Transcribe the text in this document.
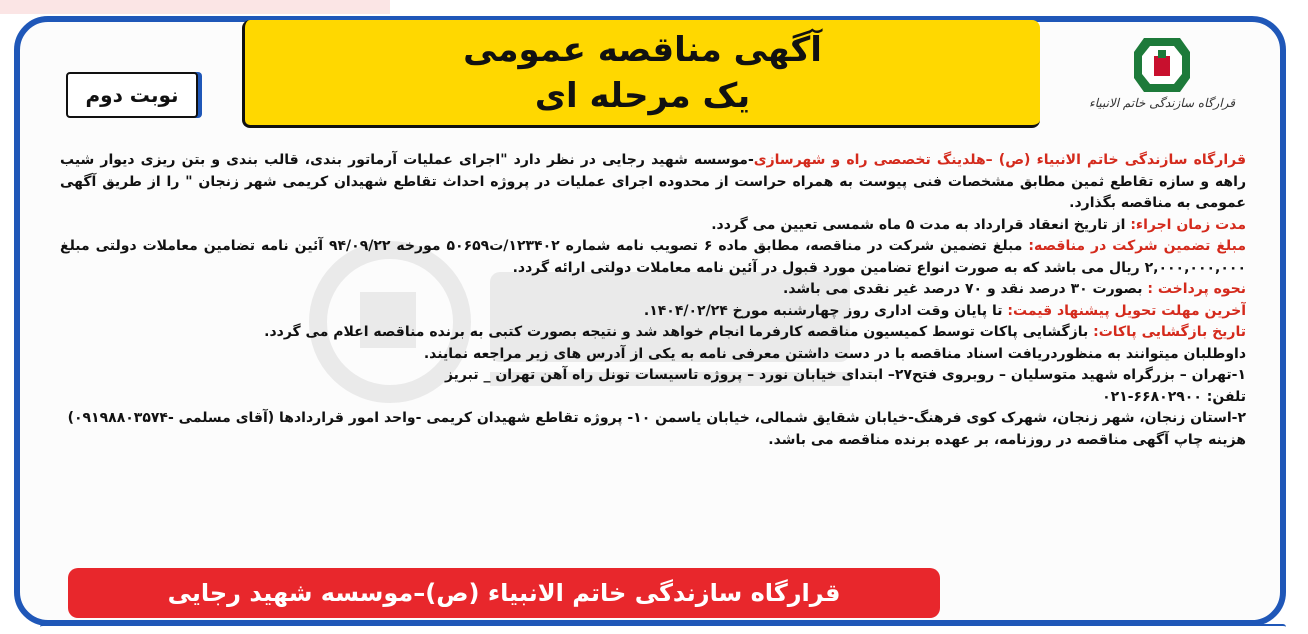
قرارگاه سازندگی خاتم الانبیاء
آگهی مناقصه عمومی
یک مرحله ای
نوبت دوم

قرارگاه سازندگی خاتم الانبیاء (ص) –هلدینگ تخصصی راه و شهرسازی-موسسه شهید رجایی در نظر دارد "اجرای عملیات آرماتور بندی، قالب بندی و بتن ریزی دیوار شیب راهه و سازه تقاطع ثمین مطابق مشخصات فنی پیوست به همراه حراست از محدوده اجرای عملیات در پروژه احداث تقاطع شهیدان کریمی شهر زنجان " را از طریق آگهی عمومی به مناقصه بگذارد.

مدت زمان اجراء: از تاریخ انعقاد قرارداد به مدت ۵ ماه شمسی تعیین می گردد.

مبلغ تضمین شرکت در مناقصه: مبلغ تضمین شرکت در مناقصه، مطابق ماده ۶ تصویب نامه شماره ۱۲۳۴۰۲/ت۵۰۶۵۹ مورخه ۹۴/۰۹/۲۲ آئین نامه تضامین معاملات دولتی مبلغ ۲,۰۰۰,۰۰۰,۰۰۰ ریال می باشد که به صورت انواع تضامین مورد قبول در آئین نامه معاملات دولتی ارائه گردد.

نحوه پرداخت : بصورت ۳۰ درصد نقد و ۷۰ درصد غیر نقدی می باشد.

آخرین مهلت تحویل پیشنهاد قیمت: تا پایان وقت اداری روز چهارشنبه مورخ ۱۴۰۴/۰۲/۲۴.

تاریخ بازگشایی پاکات: بازگشایی پاکات توسط کمیسیون مناقصه کارفرما انجام خواهد شد و نتیجه بصورت کتبی به برنده مناقصه اعلام می گردد.

داوطلبان میتوانند به منظوردریافت اسناد مناقصه با در دست داشتن معرفی نامه به یکی از آدرس های زیر مراجعه نمایند.

۱-تهران – بزرگراه شهید متوسلیان – روبروی فتح۲۷– ابتدای خیابان نورد – پروژه تاسیسات تونل راه آهن تهران _ تبریز

تلفن: ۶۶۸۰۲۹۰۰-۰۲۱

۲-استان زنجان، شهر زنجان، شهرک کوی فرهنگ-خیابان شقایق شمالی، خیابان یاسمن ۱۰- پروژه تقاطع شهیدان کریمی -واحد امور قراردادها (آقای مسلمی -۰۹۱۹۸۸۰۳۵۷۴)

هزینه چاپ آگهی مناقصه در روزنامه، بر عهده برنده مناقصه می باشد.

قرارگاه سازندگی خاتم الانبیاء (ص)–موسسه شهید رجایی
